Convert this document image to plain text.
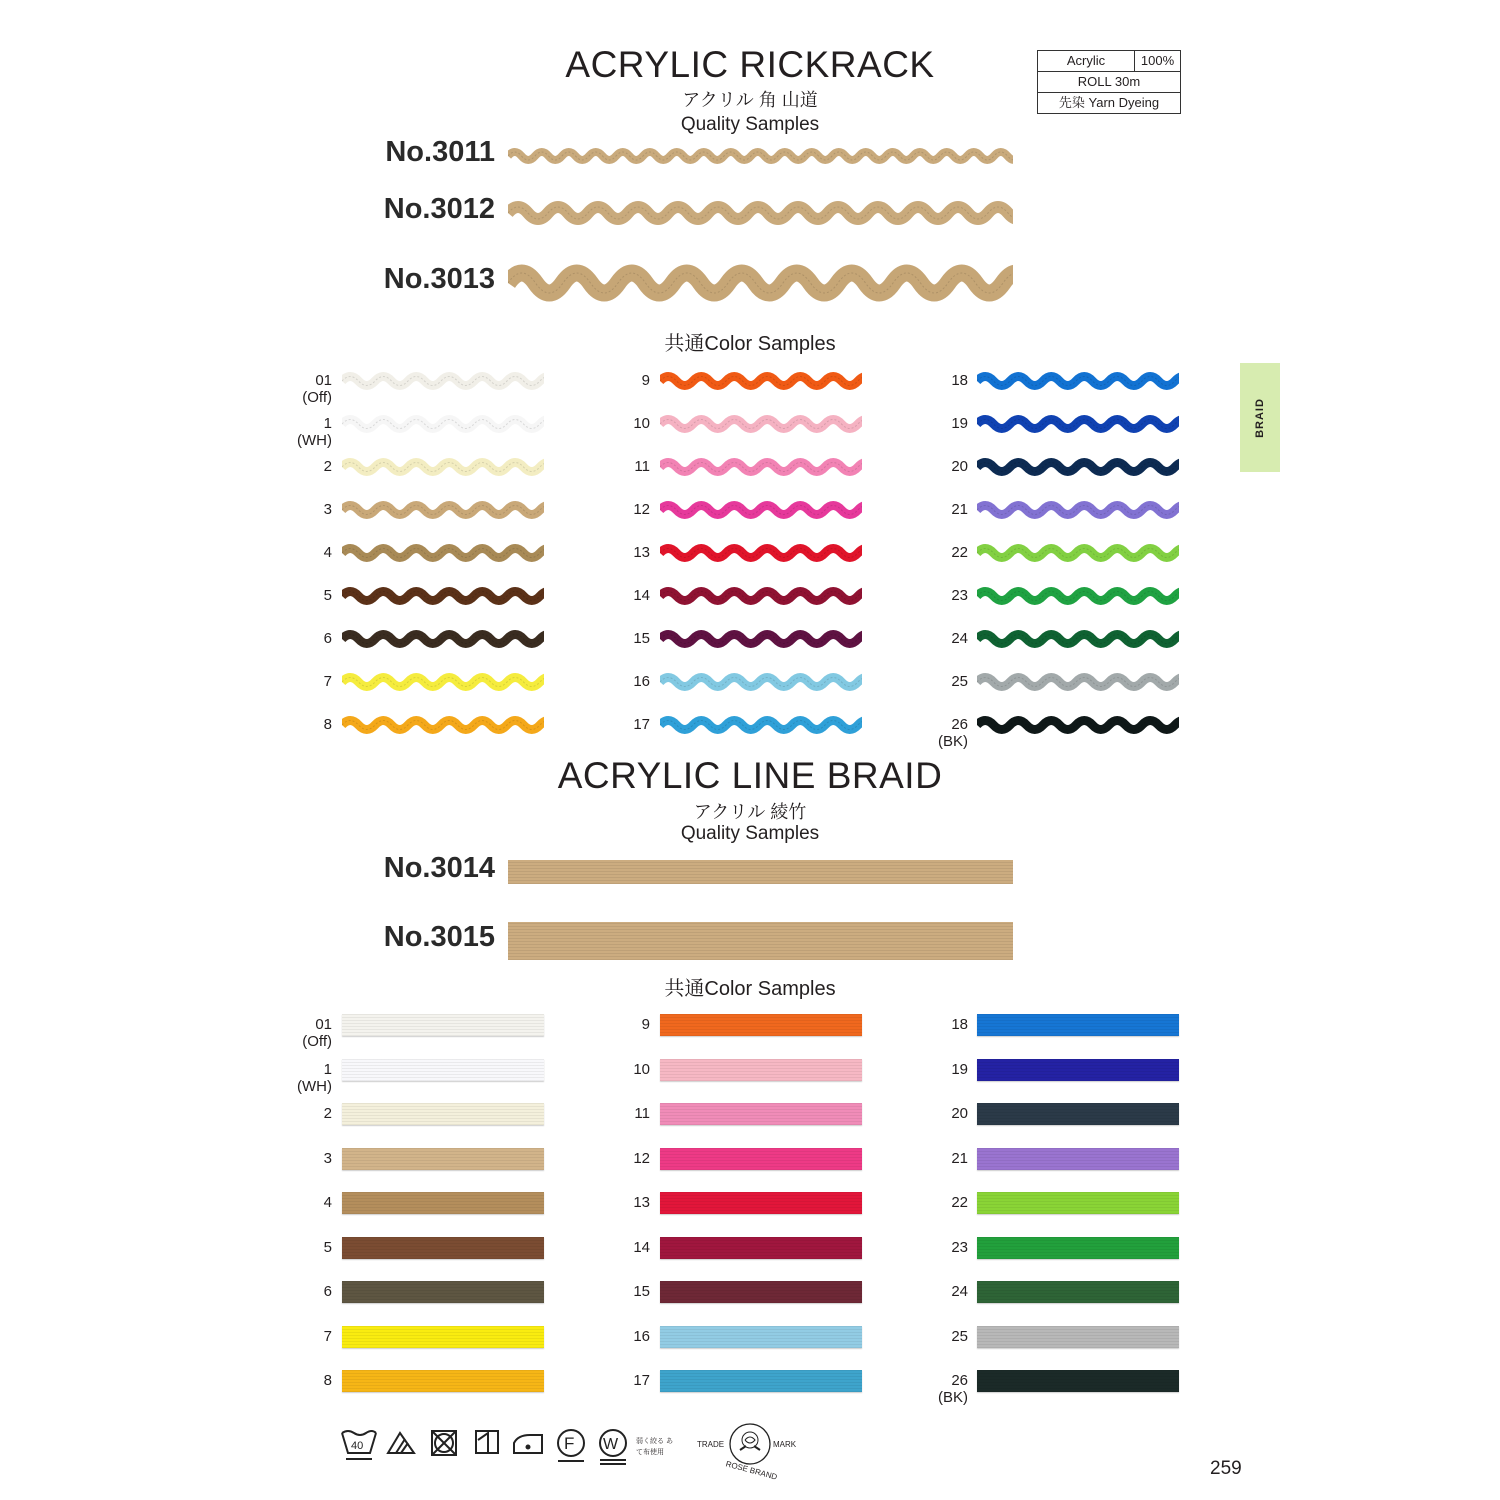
ACRYLIC RICKRACK
アクリル 角 山道
Quality Samples
Acrylic	100%
ROLL 30m
先染 Yarn Dyeing
BRAID
No.3011
No.3012
No.3013
共通Color Samples
01
(Off)
1
(WH)
2
3
4
5
6
7
8
9
10
11
12
13
14
15
16
17
18
19
20
21
22
23
24
25
26
(BK)
ACRYLIC LINE BRAID
アクリル 綾竹
Quality Samples
No.3014
No.3015
共通Color Samples
01
(Off)
1
(WH)
2
3
4
5
6
7
8
9
10
11
12
13
14
15
16
17
18
19
20
21
22
23
24
25
26
(BK)
40	F W	弱く絞る あて布使用
TRADE	MARK
ROSE BRAND	259
